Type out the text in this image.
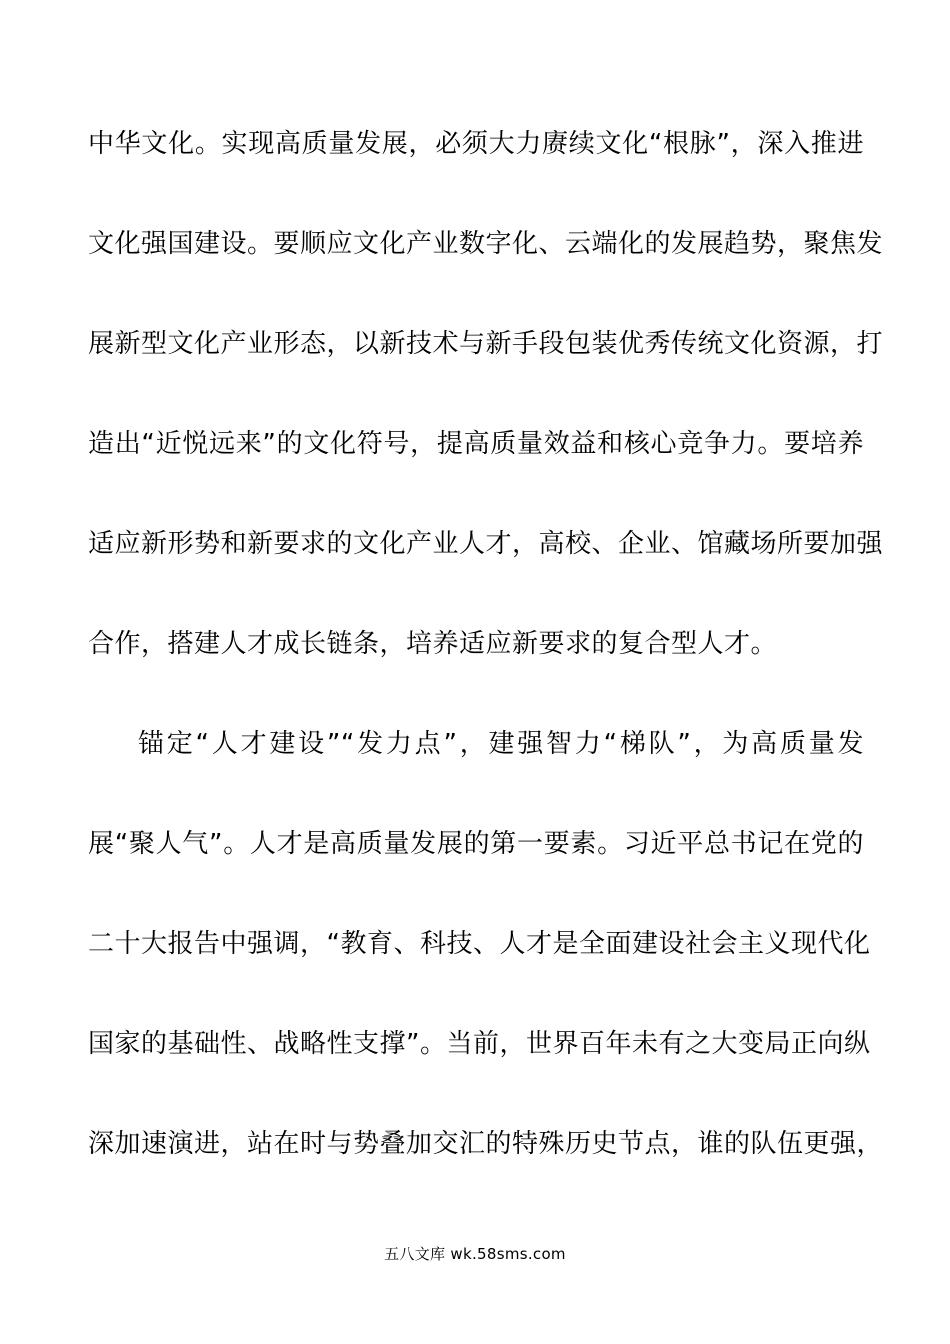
中华文化。实现高质量发展，必须大力赓续文化“根脉”，深入推进
文化强国建设。要顺应文化产业数字化、云端化的发展趋势，聚焦发
展新型文化产业形态，以新技术与新手段包装优秀传统文化资源，打
造出“近悦远来”的文化符号，提高质量效益和核心竞争力。要培养
适应新形势和新要求的文化产业人才，高校、企业、馆藏场所要加强
合作，搭建人才成长链条，培养适应新要求的复合型人才。
锚定“人才建设”“发力点”，建强智力“梯队”，为高质量发
展“聚人气”。人才是高质量发展的第一要素。习近平总书记在党的
二十大报告中强调，“教育、科技、人才是全面建设社会主义现代化
国家的基础性、战略性支撑”。当前，世界百年未有之大变局正向纵
深加速演进，站在时与势叠加交汇的特殊历史节点，谁的队伍更强，
五八文库 wk.58sms.com
